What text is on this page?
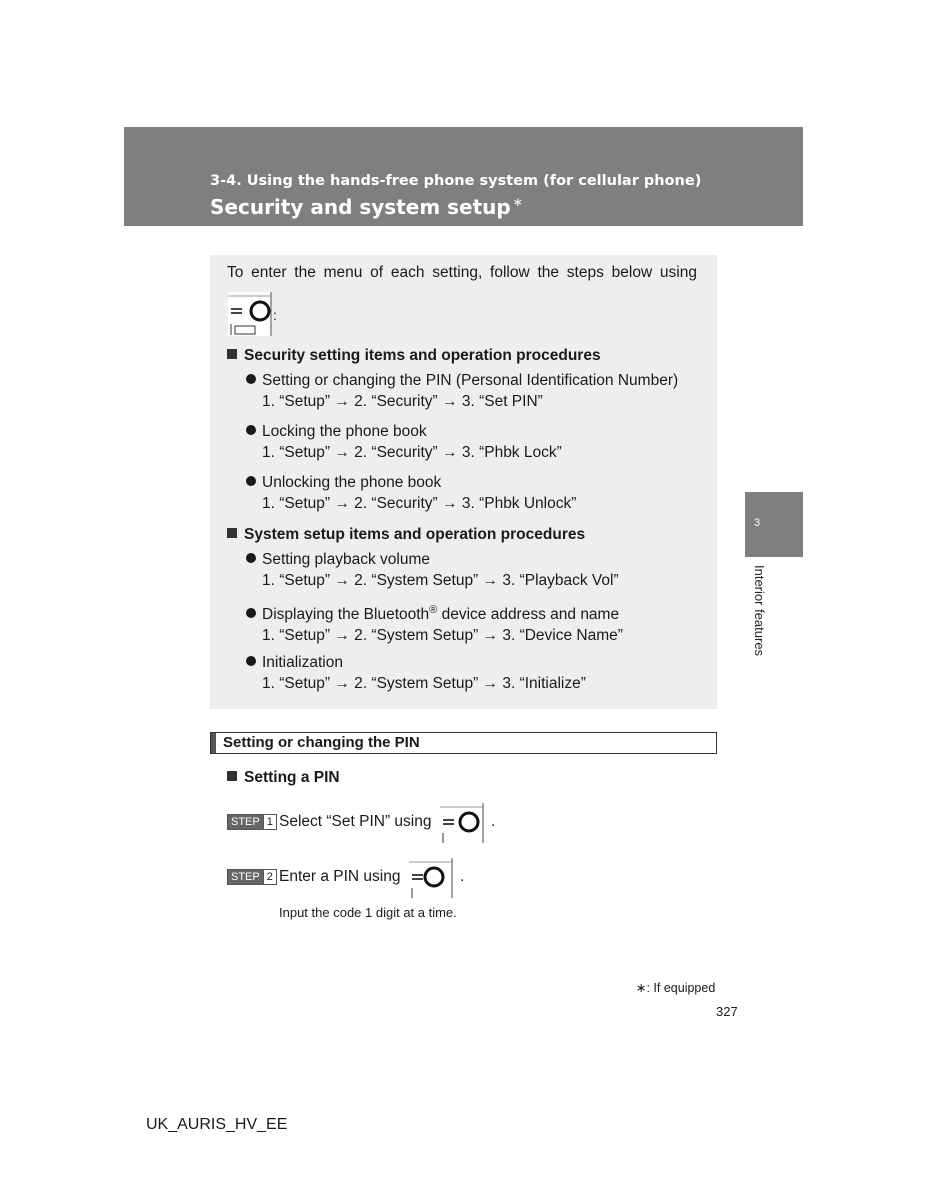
3-4. Using the hands-free phone system (for cellular phone)
Security and system setup ∗
3
Interior features
To enter the menu of each setting, follow the steps below using
:
Security setting items and operation procedures
Setting or changing the PIN (Personal Identification Number)
1. “Setup” → 2. “Security” → 3. “Set PIN”
Locking the phone book
1. “Setup” → 2. “Security” → 3. “Phbk Lock”
Unlocking the phone book
1. “Setup” → 2. “Security” → 3. “Phbk Unlock”
System setup items and operation procedures
Setting playback volume
1. “Setup” → 2. “System Setup” → 3. “Playback Vol”
Displaying the Bluetooth® device address and name
1. “Setup” → 2. “System Setup” → 3. “Device Name”
Initialization
1. “Setup” → 2. “System Setup” → 3. “Initialize”
Setting or changing the PIN
Setting a PIN
STEP 1 Select “Set PIN” using	.
STEP 2 Enter a PIN using	.
Input the code 1 digit at a time.
∗: If equipped
327
UK_AURIS_HV_EE
